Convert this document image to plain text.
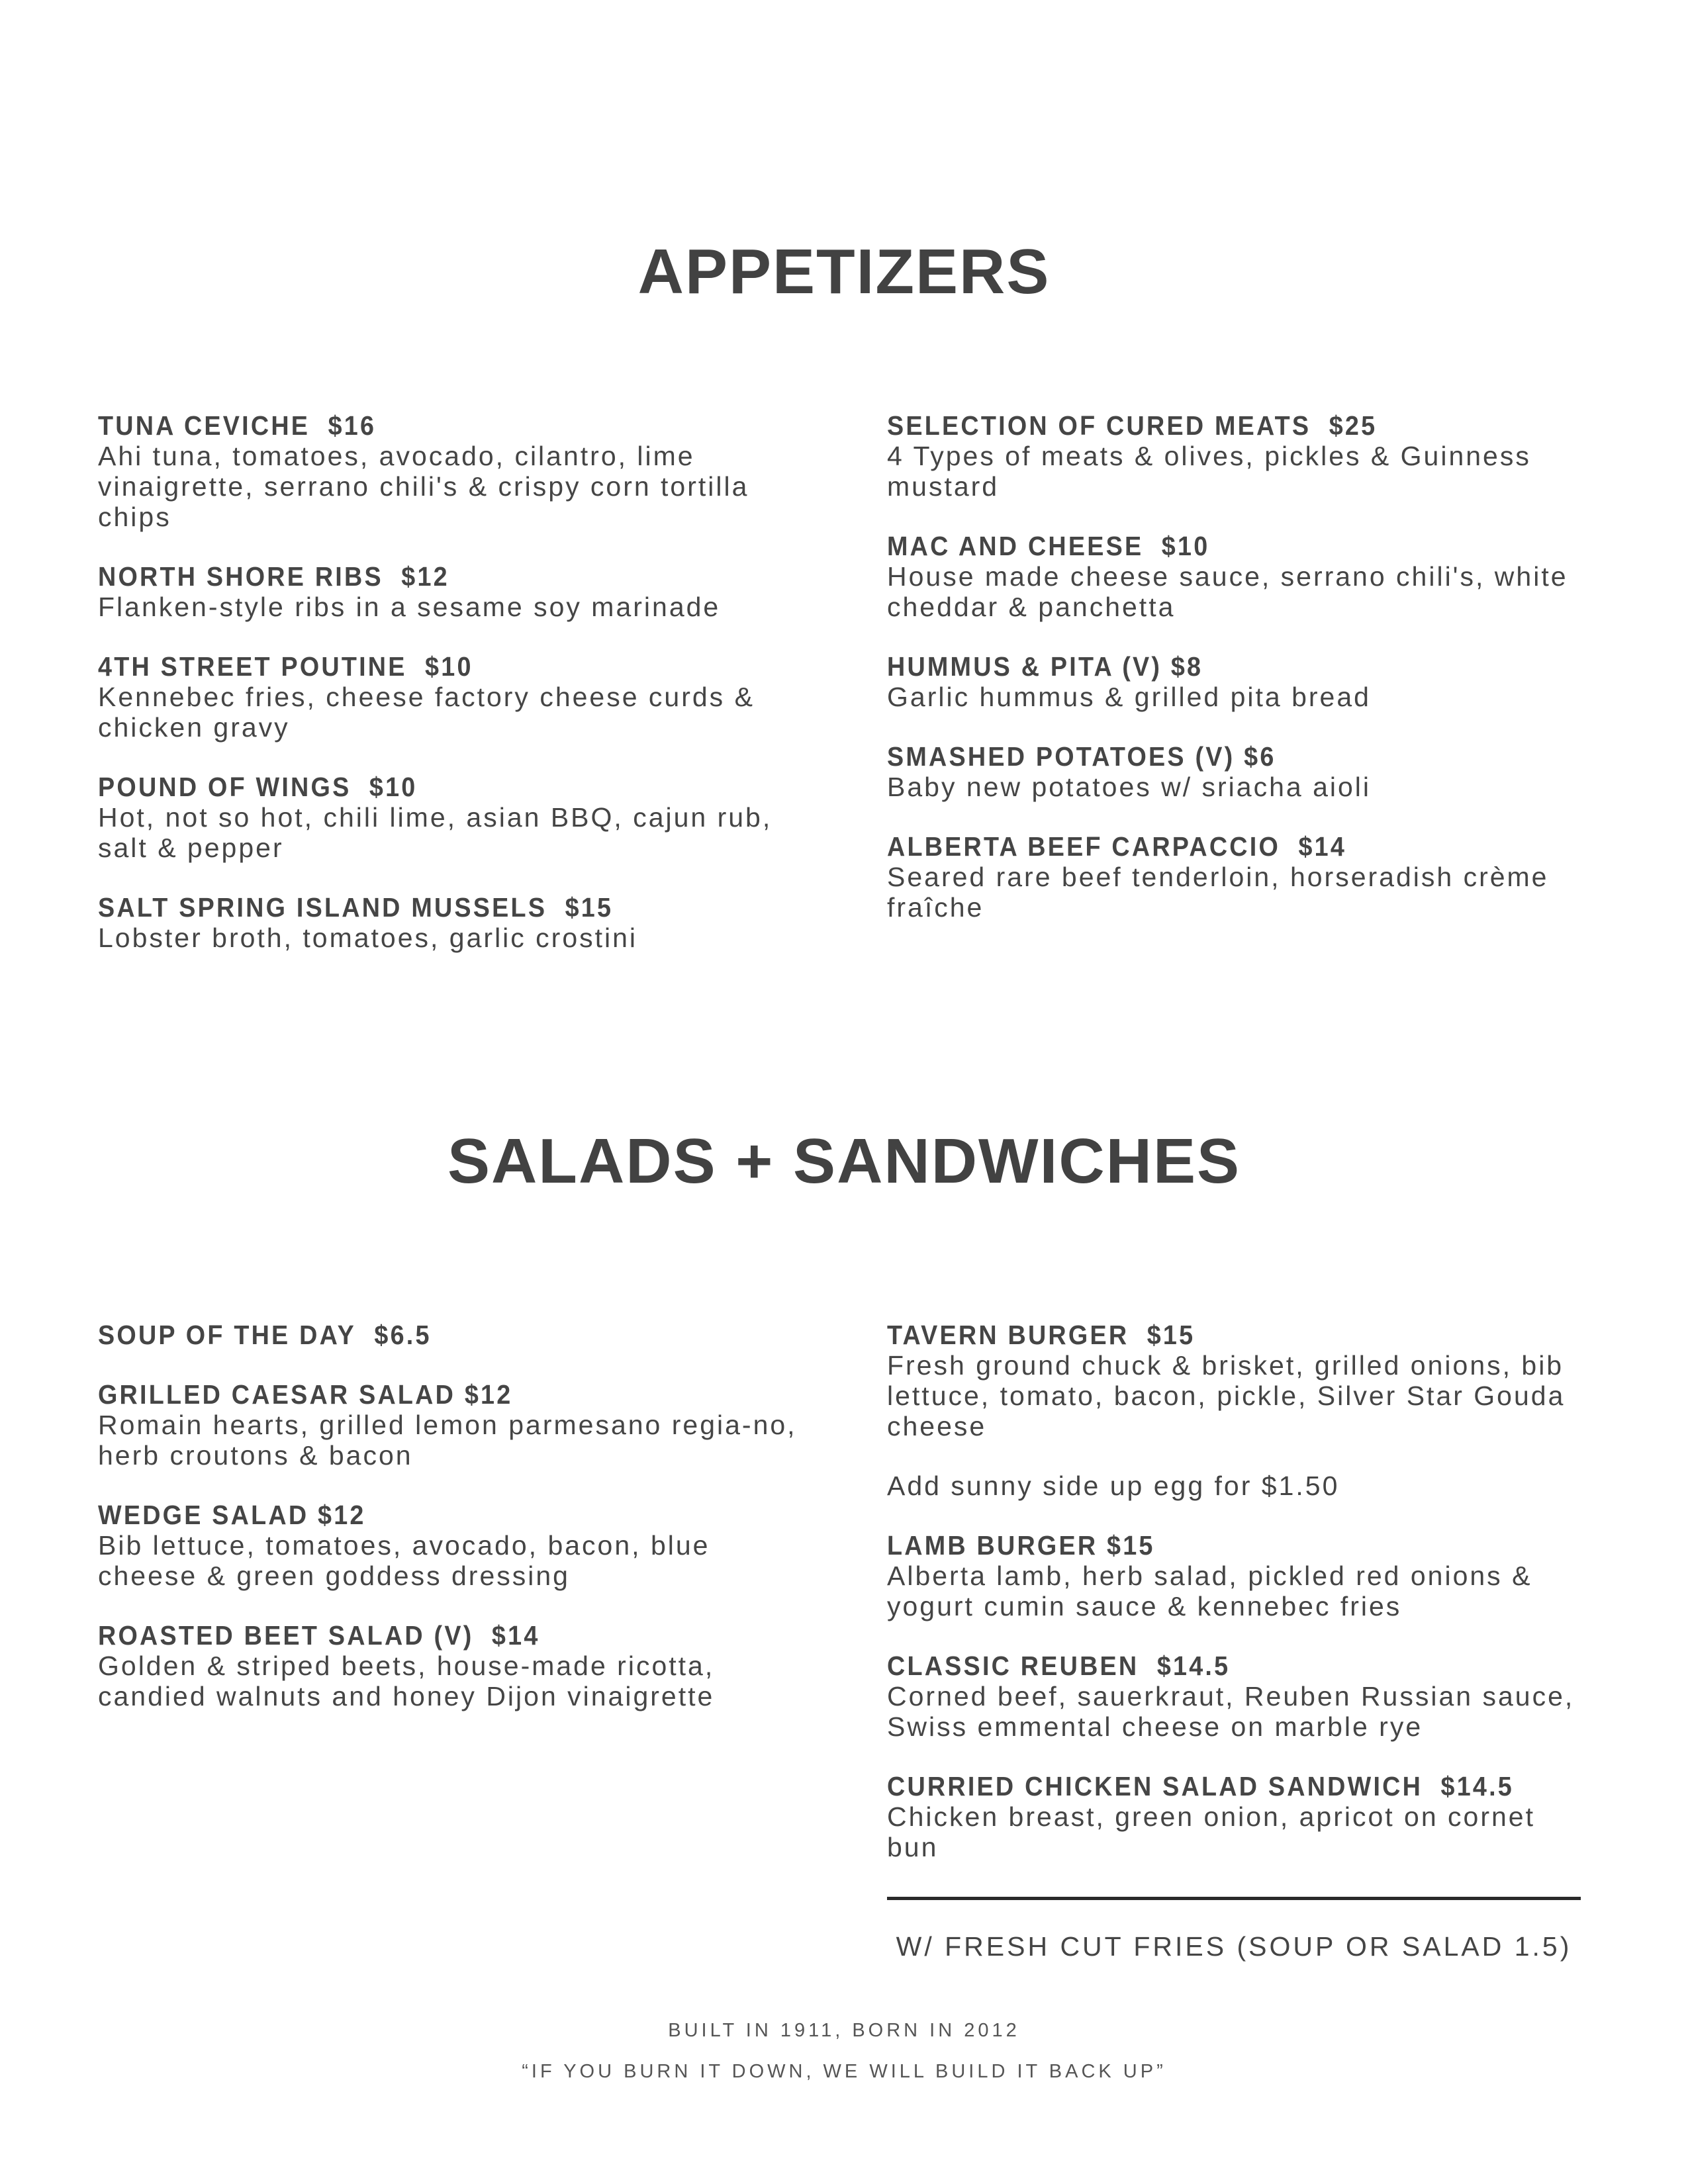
APPETIZERS
TUNA CEVICHE $16
Ahi tuna, tomatoes, avocado, cilantro, lime vinaigrette, serrano chili's & crispy corn tortilla chips
NORTH SHORE RIBS $12
Flanken-style ribs in a sesame soy marinade
4TH STREET POUTINE $10
Kennebec fries, cheese factory cheese curds & chicken gravy
POUND OF WINGS $10
Hot, not so hot, chili lime, asian BBQ, cajun rub, salt & pepper
SALT SPRING ISLAND MUSSELS $15
Lobster broth, tomatoes, garlic crostini
SELECTION OF CURED MEATS $25
4 Types of meats & olives, pickles & Guinness mustard
MAC AND CHEESE $10
House made cheese sauce, serrano chili's, white cheddar & panchetta
HUMMUS & PITA (V) $8
Garlic hummus & grilled pita bread
SMASHED POTATOES (V) $6
Baby new potatoes w/ sriacha aioli
ALBERTA BEEF CARPACCIO $14
Seared rare beef tenderloin, horseradish crème fraîche
SALADS + SANDWICHES
SOUP OF THE DAY $6.5
GRILLED CAESAR SALAD $12
Romain hearts, grilled lemon parmesano regia-no, herb croutons & bacon
WEDGE SALAD $12
Bib lettuce, tomatoes, avocado, bacon, blue cheese & green goddess dressing
ROASTED BEET SALAD (V) $14
Golden & striped beets, house-made ricotta, candied walnuts and honey Dijon vinaigrette
TAVERN BURGER $15
Fresh ground chuck & brisket, grilled onions, bib lettuce, tomato, bacon, pickle, Silver Star Gouda cheese
Add sunny side up egg for $1.50
LAMB BURGER $15
Alberta lamb, herb salad, pickled red onions & yogurt cumin sauce & kennebec fries
CLASSIC REUBEN $14.5
Corned beef, sauerkraut, Reuben Russian sauce, Swiss emmental cheese on marble rye
CURRIED CHICKEN SALAD SANDWICH $14.5
Chicken breast, green onion, apricot on cornet bun
W/ FRESH CUT FRIES (SOUP OR SALAD 1.5)
BUILT IN 1911, BORN IN 2012
“IF YOU BURN IT DOWN, WE WILL BUILD IT BACK UP”
